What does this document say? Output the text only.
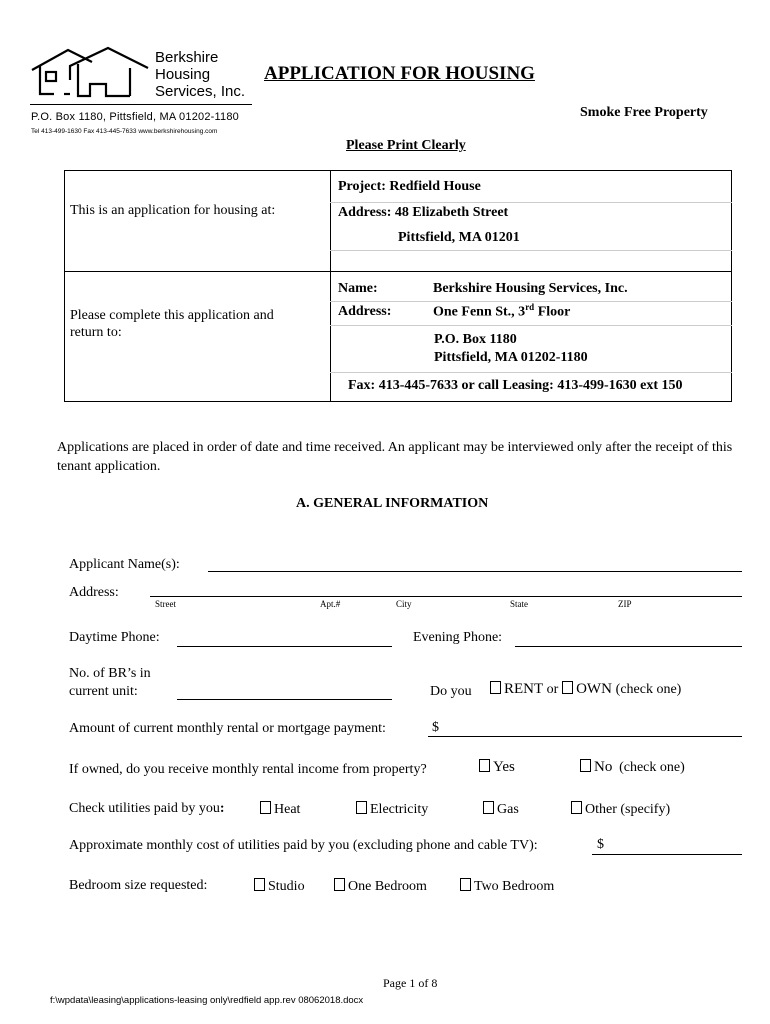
Berkshire
Housing
Services, Inc.
P.O. Box 1180, Pittsfield, MA 01202-1180
Tel 413-499-1630 Fax 413-445-7633 www.berkshirehousing.com
APPLICATION FOR HOUSING
Smoke Free Property
Please Print Clearly
This is an application for housing at:
Project: Redfield House
Address: 48 Elizabeth Street
Pittsfield, MA 01201
Please complete this application and return to:
Name:	Berkshire Housing Services, Inc.
Address:	One Fenn St., 3rd Floor
P.O. Box 1180
Pittsfield, MA 01202-1180
Fax: 413-445-7633 or call Leasing: 413-499-1630 ext 150
Applications are placed in order of date and time received. An applicant may be interviewed only after the receipt of this tenant application.
A. GENERAL INFORMATION
Applicant Name(s):
Address:
Street	Apt.#	City	State	ZIP
Daytime Phone:	Evening Phone:
No. of BR’s in
current unit:	Do you	RENT or OWN (check one)
Amount of current monthly rental or mortgage payment:	$
If owned, do you receive monthly rental income from property?	Yes	No (check one)
Check utilities paid by you:	Heat	Electricity	Gas	Other (specify)
Approximate monthly cost of utilities paid by you (excluding phone and cable TV):	$
Bedroom size requested:	Studio	One Bedroom	Two Bedroom
Page 1 of 8
f:\wpdata\leasing\applications-leasing only\redfield app.rev 08062018.docx
